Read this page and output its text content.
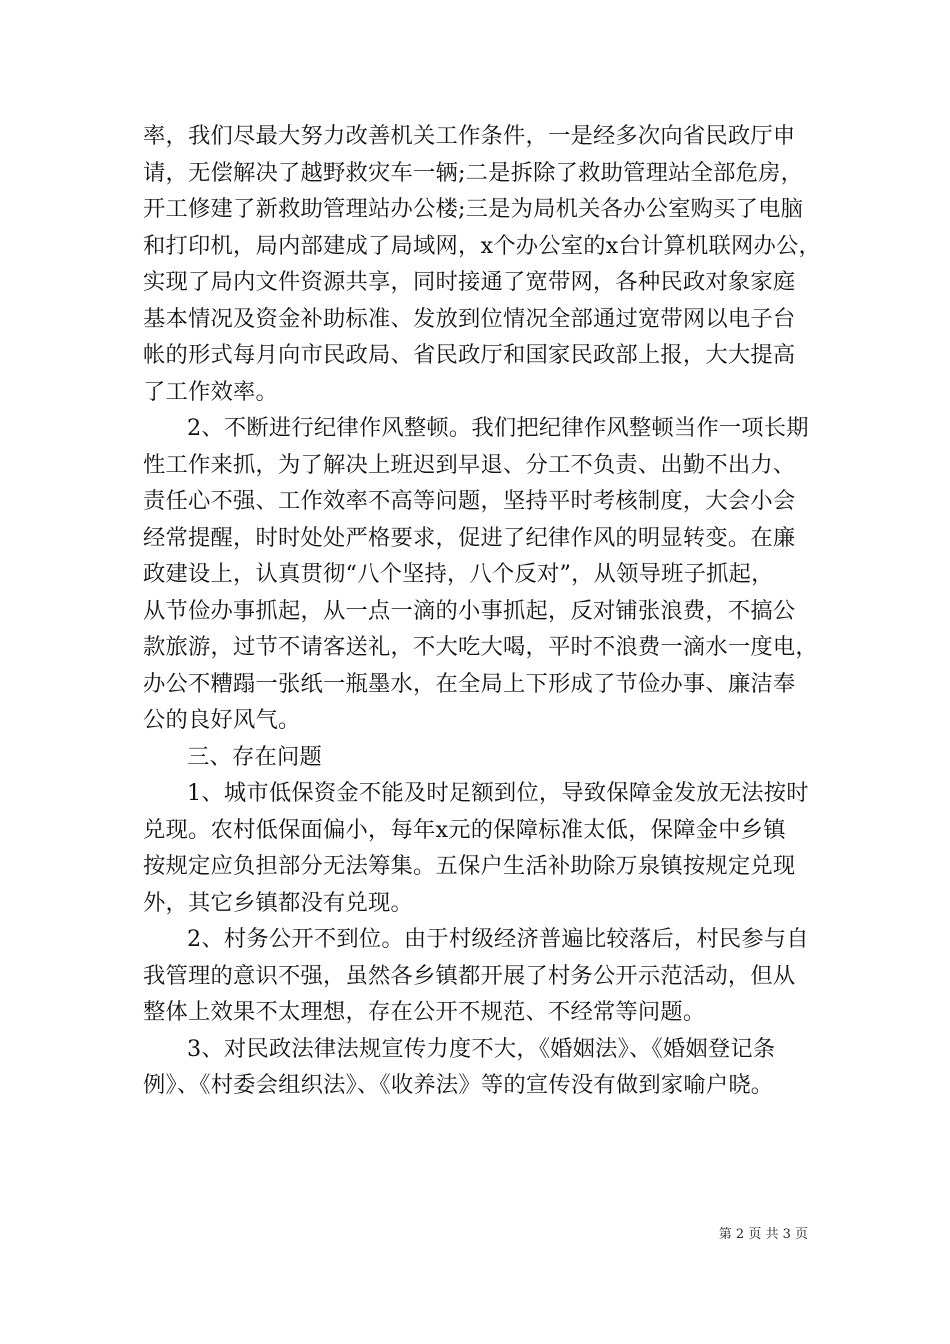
率，我们尽最大努力改善机关工作条件，一是经多次向省民政厅申
请，无偿解决了越野救灾车一辆;二是拆除了救助管理站全部危房，
开工修建了新救助管理站办公楼;三是为局机关各办公室购买了电脑
和打印机，局内部建成了局域网，x个办公室的x台计算机联网办公，
实现了局内文件资源共享，同时接通了宽带网，各种民政对象家庭
基本情况及资金补助标准、发放到位情况全部通过宽带网以电子台
帐的形式每月向市民政局、省民政厅和国家民政部上报，大大提高
了工作效率。
2、不断进行纪律作风整顿。我们把纪律作风整顿当作一项长期
性工作来抓，为了解决上班迟到早退、分工不负责、出勤不出力、
责任心不强、工作效率不高等问题，坚持平时考核制度，大会小会
经常提醒，时时处处严格要求，促进了纪律作风的明显转变。在廉
政建设上，认真贯彻“八个坚持，八个反对”，从领导班子抓起，
从节俭办事抓起，从一点一滴的小事抓起，反对铺张浪费，不搞公
款旅游，过节不请客送礼，不大吃大喝，平时不浪费一滴水一度电，
办公不糟蹋一张纸一瓶墨水，在全局上下形成了节俭办事、廉洁奉
公的良好风气。
三、存在问题
1、城市低保资金不能及时足额到位，导致保障金发放无法按时
兑现。农村低保面偏小，每年x元的保障标准太低，保障金中乡镇
按规定应负担部分无法筹集。五保户生活补助除万泉镇按规定兑现
外，其它乡镇都没有兑现。
2、村务公开不到位。由于村级经济普遍比较落后，村民参与自
我管理的意识不强，虽然各乡镇都开展了村务公开示范活动，但从
整体上效果不太理想，存在公开不规范、不经常等问题。
3、对民政法律法规宣传力度不大，《婚姻法》、《婚姻登记条
例》、《村委会组织法》、《收养法》等的宣传没有做到家喻户晓。
第 2 页 共 3 页
